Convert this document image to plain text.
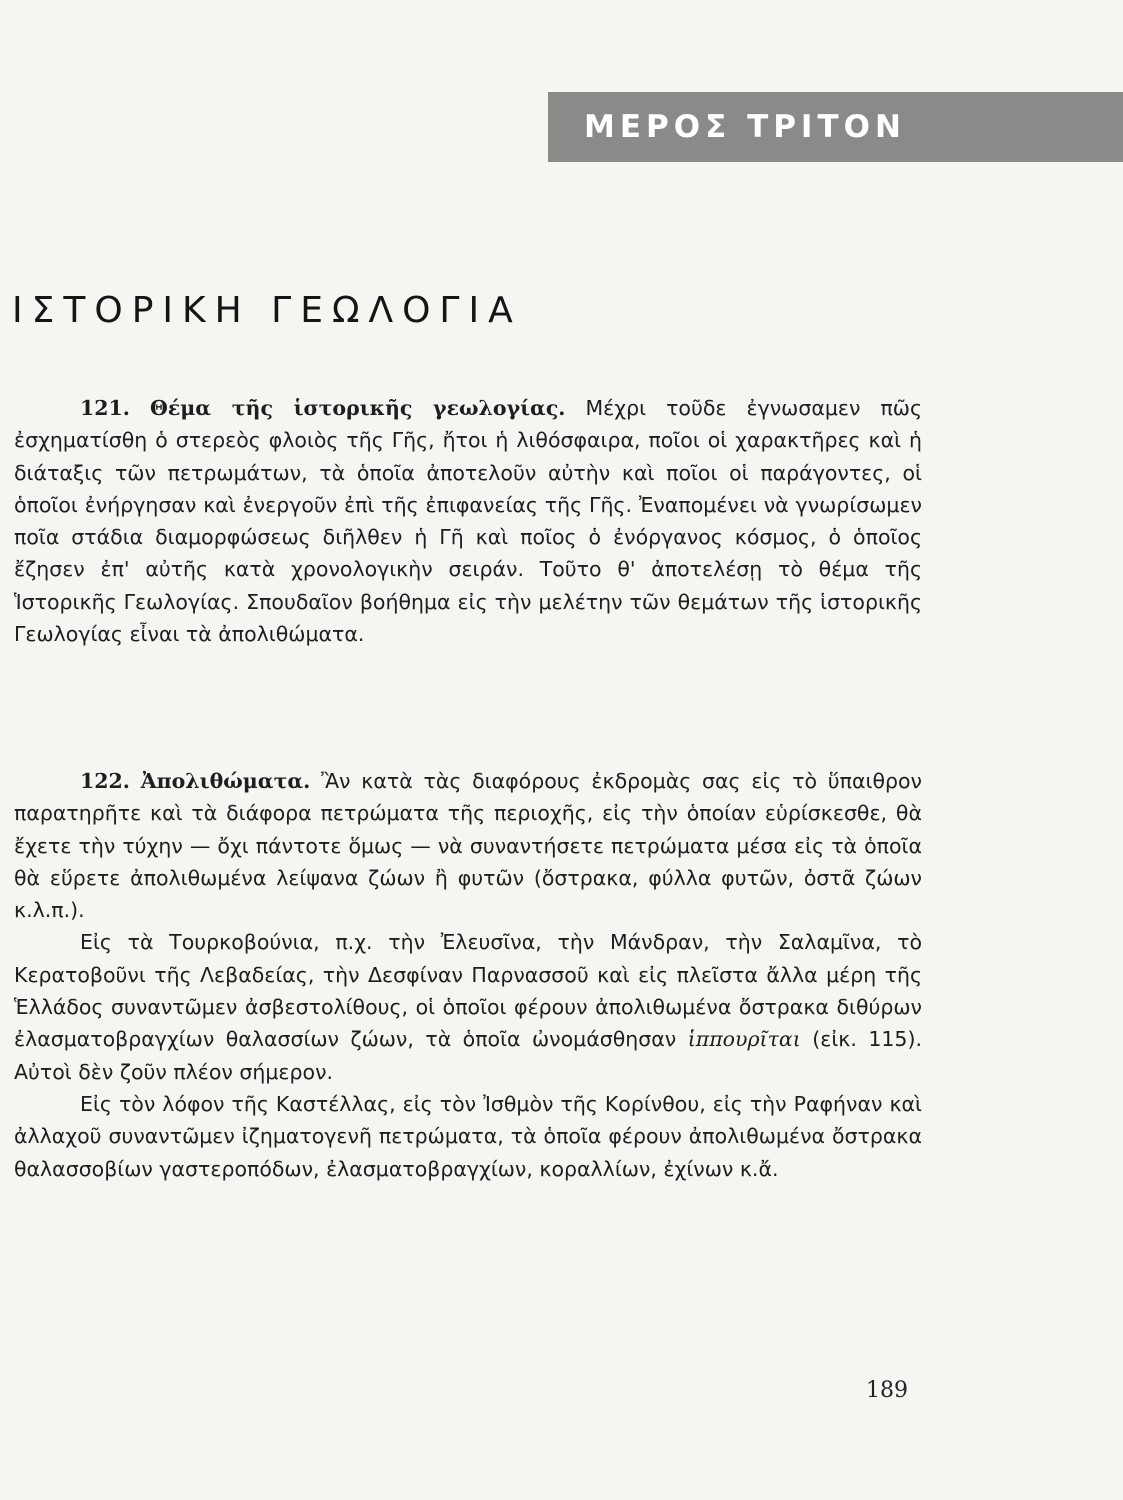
ΜΕΡΟΣ ΤΡΙΤΟΝ
ΙΣΤΟΡΙΚΗ ΓΕΩΛΟΓΙΑ

121. Θέμα τῆς ἱστορικῆς γεωλογίας. Μέχρι τοῦδε ἐγνωσαμεν πῶς ἐσχηματίσθη ὁ στερεὸς φλοιὸς τῆς Γῆς, ἤτοι ἡ λιθόσφαιρα, ποῖοι οἱ χαρακτῆρες καὶ ἡ διάταξις τῶν πετρωμάτων, τὰ ὁποῖα ἀποτελοῦν αὐτὴν καὶ ποῖοι οἱ παράγοντες, οἱ ὁποῖοι ἐνήργησαν καὶ ἐνεργοῦν ἐπὶ τῆς ἐπιφανείας τῆς Γῆς. Ἐναπομένει νὰ γνωρίσωμεν ποῖα στάδια διαμορφώσεως διῆλθεν ἡ Γῆ καὶ ποῖος ὁ ἐνόργανος κόσμος, ὁ ὁποῖος ἔζησεν ἐπ' αὐτῆς κατὰ χρονολογικὴν σειράν. Τοῦτο θ' ἀποτελέσῃ τὸ θέμα τῆς Ἱστορικῆς Γεωλογίας. Σπουδαῖον βοήθημα εἰς τὴν μελέτην τῶν θεμάτων τῆς ἱστορικῆς Γεωλογίας εἶναι τὰ ἀπολιθώματα.

122. Ἀπολιθώματα. Ἂν κατὰ τὰς διαφόρους ἐκδρομὰς σας εἰς τὸ ὕπαιθρον παρατηρῆτε καὶ τὰ διάφορα πετρώματα τῆς περιοχῆς, εἰς τὴν ὁποίαν εὑρίσκεσθε, θὰ ἔχετε τὴν τύχην — ὄχι πάντοτε ὅμως — νὰ συναντήσετε πετρώματα μέσα εἰς τὰ ὁποῖα θὰ εὕρετε ἀπολιθωμένα λείψανα ζώων ἢ φυτῶν (ὄστρακα, φύλλα φυτῶν, ὀστᾶ ζώων κ.λ.π.).

Εἰς τὰ Τουρκοβούνια, π.χ. τὴν Ἐλευσῖνα, τὴν Μάνδραν, τὴν Σαλαμῖνα, τὸ Κερατοβοῦνι τῆς Λεβαδείας, τὴν Δεσφίναν Παρνασσοῦ καὶ εἰς πλεῖστα ἄλλα μέρη τῆς Ἑλλάδος συναντῶμεν ἀσβεστολίθους, οἱ ὁποῖοι φέρουν ἀπολιθωμένα ὄστρακα διθύρων ἐλασματοβραγχίων θαλασσίων ζώων, τὰ ὁποῖα ὠνομάσθησαν ἱππουρῖται (εἰκ. 115). Αὐτοὶ δὲν ζοῦν πλέον σήμερον.

Εἰς τὸν λόφον τῆς Καστέλλας, εἰς τὸν Ἰσθμὸν τῆς Κορίνθου, εἰς τὴν Ραφήναν καὶ ἀλλαχοῦ συναντῶμεν ἰζηματογενῆ πετρώματα, τὰ ὁποῖα φέρουν ἀπολιθωμένα ὄστρακα θαλασσοβίων γαστεροπόδων, ἐλασματοβραγχίων, κοραλλίων, ἐχίνων κ.ἄ.

189
